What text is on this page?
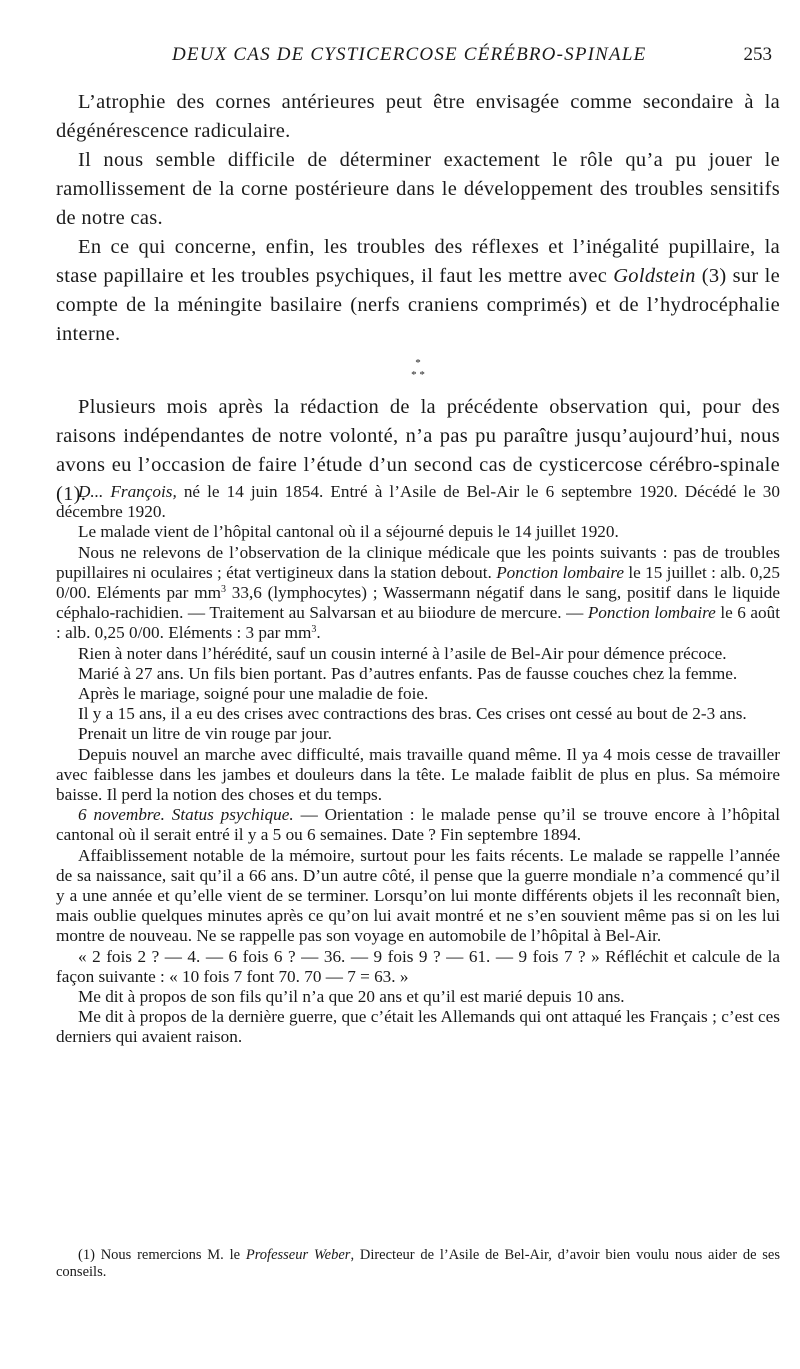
DEUX CAS DE CYSTICERCOSE CÉRÉBRO-SPINALE	253

L’atrophie des cornes antérieures peut être envisagée comme secondaire à la dégénérescence radiculaire.

Il nous semble difficile de déterminer exactement le rôle qu’a pu jouer le ramollissement de la corne postérieure dans le développement des troubles sensitifs de notre cas.

En ce qui concerne, enfin, les troubles des réflexes et l’inégalité pupillaire, la stase papillaire et les troubles psychiques, il faut les mettre avec Goldstein (3) sur le compte de la méningite basilaire (nerfs craniens comprimés) et de l’hydrocéphalie interne.

*
* *

Plusieurs mois après la rédaction de la précédente observation qui, pour des raisons indépendantes de notre volonté, n’a pas pu paraître jusqu’aujourd’hui, nous avons eu l’occasion de faire l’étude d’un second cas de cysticercose cérébro-spinale (1).

D... François, né le 14 juin 1854. Entré à l’Asile de Bel-Air le 6 septembre 1920. Décédé le 30 décembre 1920.

Le malade vient de l’hôpital cantonal où il a séjourné depuis le 14 juillet 1920.

Nous ne relevons de l’observation de la clinique médicale que les points suivants : pas de troubles pupillaires ni oculaires ; état vertigineux dans la station debout. Ponction lombaire le 15 juillet : alb. 0,25 0/00. Eléments par $mm^3$ 33,6 (lymphocytes) ; Wassermann négatif dans le sang, positif dans le liquide céphalo-rachidien. — Traitement au Salvarsan et au biiodure de mercure. — Ponction lombaire le 6 août : alb. 0,25 0/00. Eléments : 3 par $mm^3$.

Rien à noter dans l’hérédité, sauf un cousin interné à l’asile de Bel-Air pour démence précoce.

Marié à 27 ans. Un fils bien portant. Pas d’autres enfants. Pas de fausse couches chez la femme.

Après le mariage, soigné pour une maladie de foie.

Il y a 15 ans, il a eu des crises avec contractions des bras. Ces crises ont cessé au bout de 2-3 ans.

Prenait un litre de vin rouge par jour.

Depuis nouvel an marche avec difficulté, mais travaille quand même. Il ya 4 mois cesse de travailler avec faiblesse dans les jambes et douleurs dans la tête. Le malade faiblit de plus en plus. Sa mémoire baisse. Il perd la notion des choses et du temps.

6 novembre. Status psychique. — Orientation : le malade pense qu’il se trouve encore à l’hôpital cantonal où il serait entré il y a 5 ou 6 semaines. Date ? Fin septembre 1894.

Affaiblissement notable de la mémoire, surtout pour les faits récents. Le malade se rappelle l’année de sa naissance, sait qu’il a 66 ans. D’un autre côté, il pense que la guerre mondiale n’a commencé qu’il y a une année et qu’elle vient de se terminer. Lorsqu’on lui monte différents objets il les reconnaît bien, mais oublie quelques minutes après ce qu’on lui avait montré et ne s’en souvient même pas si on les lui montre de nouveau. Ne se rappelle pas son voyage en automobile de l’hôpital à Bel-Air.

« 2 fois 2 ? — 4. — 6 fois 6 ? — 36. — 9 fois 9 ? — 61. — 9 fois 7 ? » Réfléchit et calcule de la façon suivante : « 10 fois 7 font 70. 70 — 7 = 63. »

Me dit à propos de son fils qu’il n’a que 20 ans et qu’il est marié depuis 10 ans.

Me dit à propos de la dernière guerre, que c’était les Allemands qui ont attaqué les Français ; c’est ces derniers qui avaient raison.

(1) Nous remercions M. le Professeur Weber, Directeur de l’Asile de Bel-Air, d’avoir bien voulu nous aider de ses conseils.
